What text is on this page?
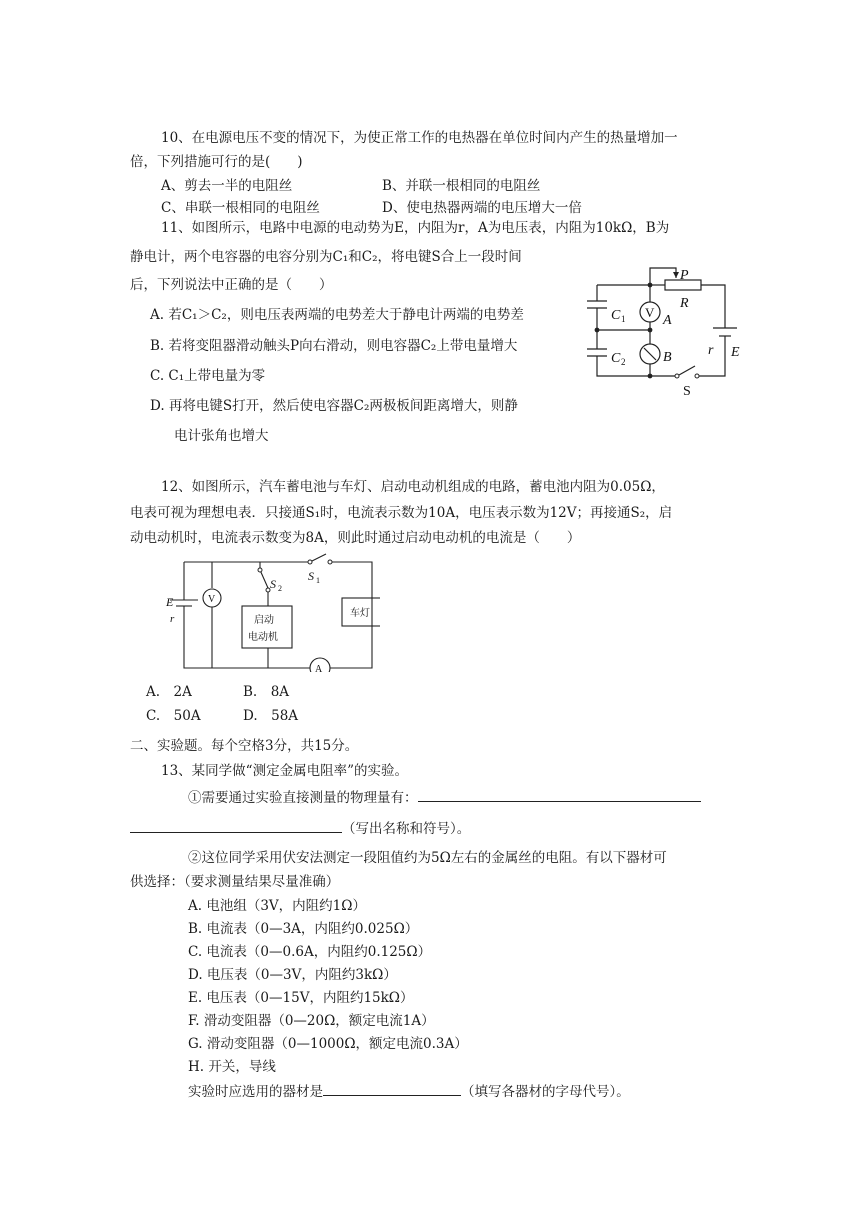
10、在电源电压不变的情况下，为使正常工作的电热器在单位时间内产生的热量增加一
倍，下列措施可行的是(　　)
A、剪去一半的电阻丝	B、并联一根相同的电阻丝
C、串联一根相同的电阻丝	D、使电热器两端的电压增大一倍
11、如图所示，电路中电源的电动势为E，内阻为r，A为电压表，内阻为10kΩ，B为
静电计，两个电容器的电容分别为C₁和C₂，将电键S合上一段时间
后，下列说法中正确的是（　　）
A. 若C₁＞C₂，则电压表两端的电势差大于静电计两端的电势差
B. 若将变阻器滑动触头P向右滑动，则电容器C₂上带电量增大
C. C₁上带电量为零
D. 再将电键S打开，然后使电容器C₂两极板间距离增大，则静
电计张角也增大
P
R
C 1 V
A
C 2	B	r E
S
12、如图所示，汽车蓄电池与车灯、启动电动机组成的电路，蓄电池内阻为0.05Ω，
电表可视为理想电表．只接通S₁时，电流表示数为10A，电压表示数为12V；再接通S₂，启
动电动机时，电流表示数变为8A，则此时通过启动电动机的电流是（　　）
E
r
V
S 2
S 1
启动
电动机
车灯
A
A.　2A	B.　8A
C.　50A	D.　58A
二、实验题。每个空格3分，共15分。
13、某同学做“测定金属电阻率”的实验。
①需要通过实验直接测量的物理量有：
（写出名称和符号）。
②这位同学采用伏安法测定一段阻值约为5Ω左右的金属丝的电阻。有以下器材可
供选择：（要求测量结果尽量准确）
A. 电池组（3V，内阻约1Ω）
B. 电流表（0—3A，内阻约0.025Ω）
C. 电流表（0—0.6A，内阻约0.125Ω）
D. 电压表（0—3V，内阻约3kΩ）
E. 电压表（0—15V，内阻约15kΩ）
F. 滑动变阻器（0—20Ω，额定电流1A）
G. 滑动变阻器（0—1000Ω，额定电流0.3A）
H. 开关，导线
实验时应选用的器材是	（填写各器材的字母代号）。
